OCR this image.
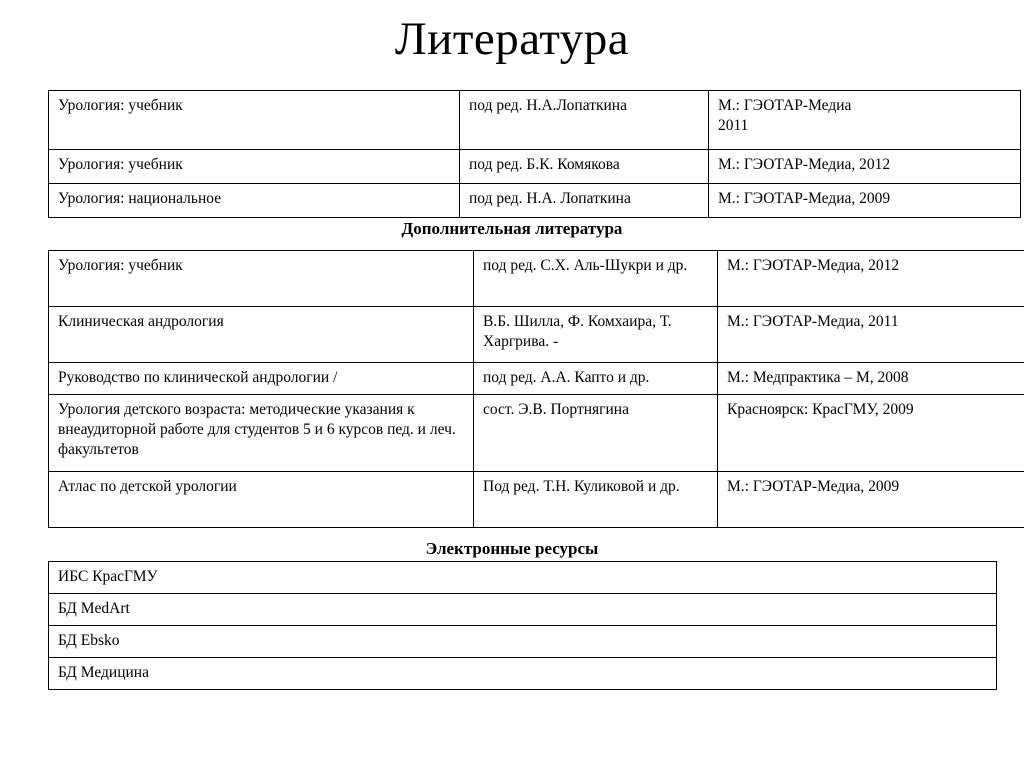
Литература
Урология: учебник	под ред. Н.А.Лопаткина	М.: ГЭОТАР-Медиа
2011

Урология: учебник	под ред. Б.К. Комякова	М.: ГЭОТАР-Медиа, 2012
Урология: национальное	под ред. Н.А. Лопаткина	М.: ГЭОТАР-Медиа, 2009
Дополнительная литература
Урология: учебник	под ред. С.Х. Аль-Шукри и др.	М.: ГЭОТАР-Медиа, 2012
Клиническая андрология	В.Б. Шилла, Ф. Комхаира, Т. Харгрива. -	М.: ГЭОТАР-Медиа, 2011
Руководство по клинической андрологии /	под ред. А.А. Капто и др.	М.: Медпрактика – М, 2008
Урология детского возраста: методические указания к внеаудиторной работе для студентов 5 и 6 курсов пед. и леч. факультетов	сост. Э.В. Портнягина	Красноярск: КрасГМУ, 2009
Атлас по детской урологии	Под ред. Т.Н. Куликовой и др.	М.: ГЭОТАР-Медиа, 2009
Электронные ресурсы
ИБС КрасГМУ
БД MedArt
БД Ebsko
БД Медицина
